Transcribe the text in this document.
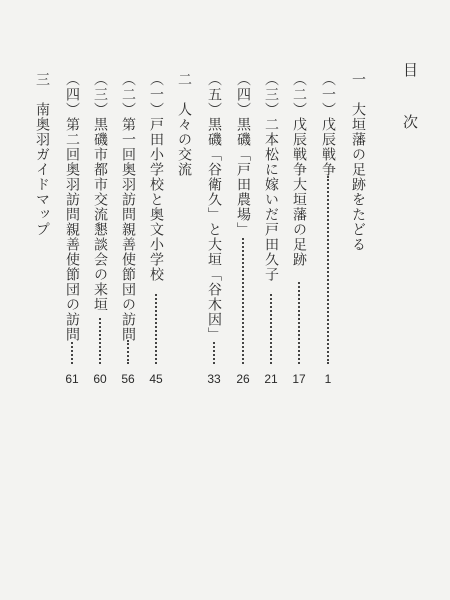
目 次
一　大垣藩の足跡をたどる
（一）戊辰戦争
1
（二）戊辰戦争大垣藩の足跡
17
（三）二本松に嫁いだ戸田久子
21
（四）黒磯「戸田農場」
26
（五）黒磯「谷衛久」と大垣「谷木因」
33
二　人々の交流
（一）戸田小学校と奥文小学校
45
（二）第一回奥羽訪問親善使節団の訪問
56
（三）黒磯市都市交流懇談会の来垣
60
（四）第二回奥羽訪問親善使節団の訪問
61
三　南奥羽ガイドマップ
